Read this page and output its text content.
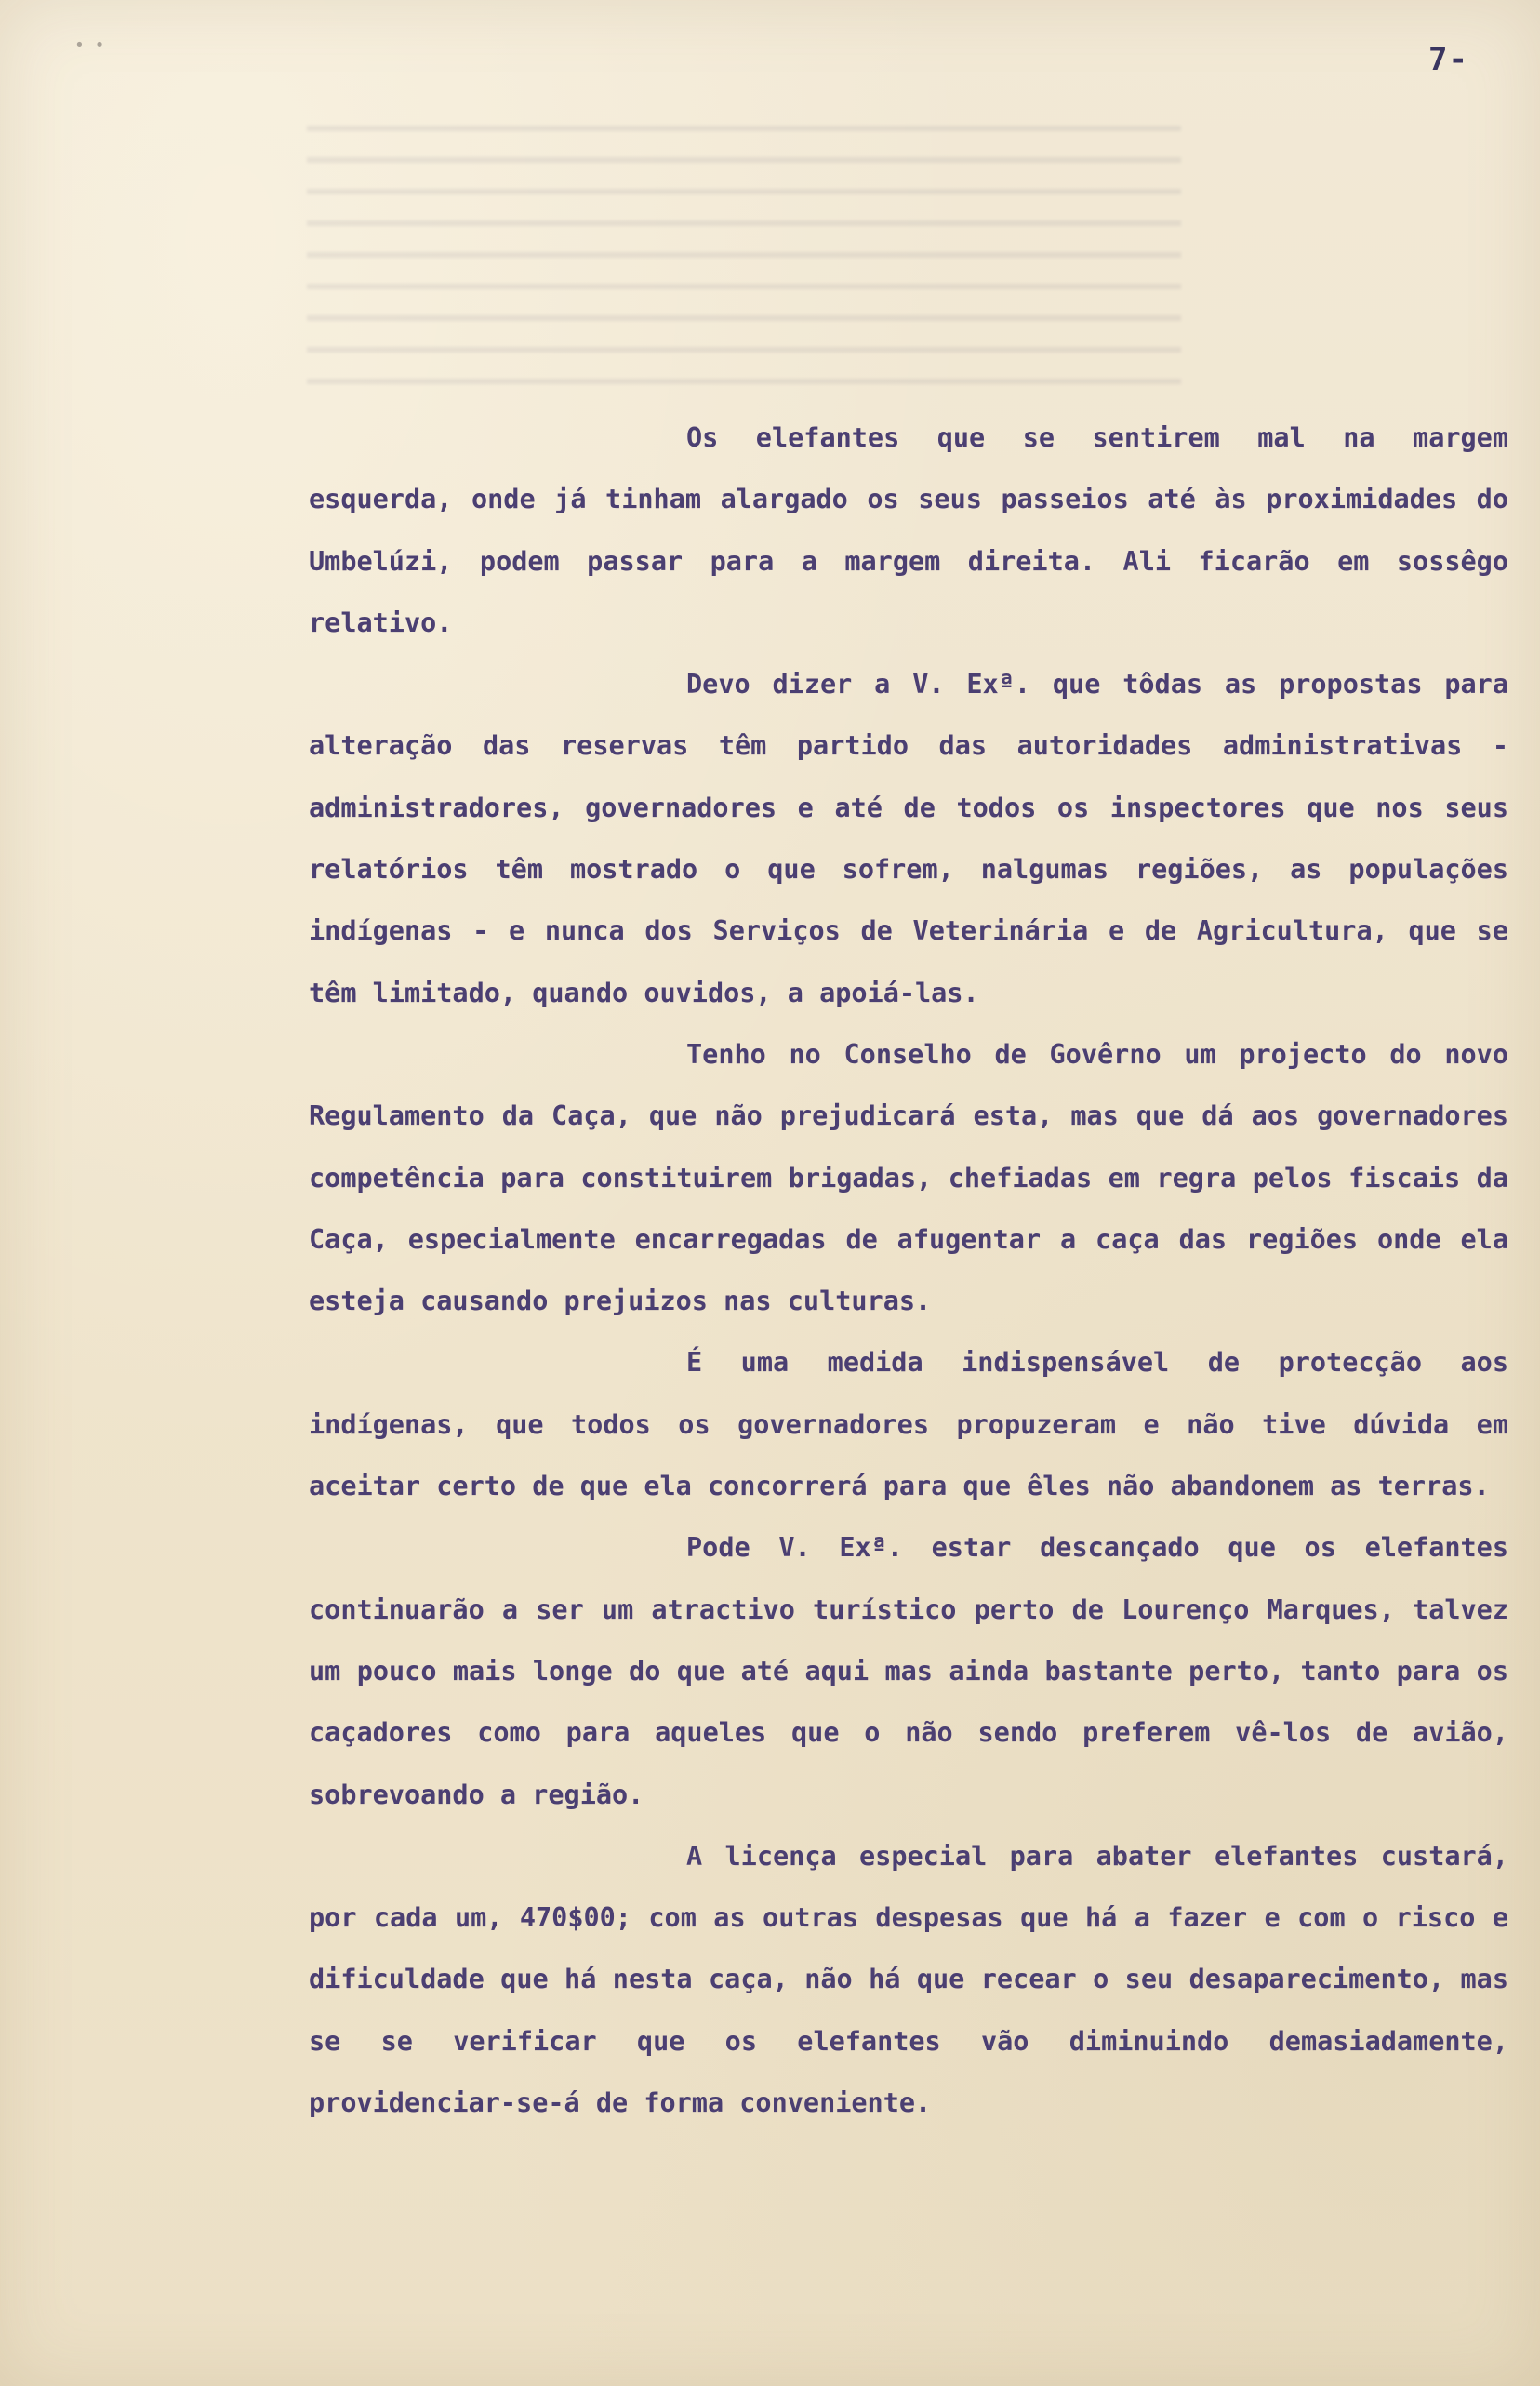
• •	7-

Os elefantes que se sentirem mal na margem esquerda, onde já tinham alargado os seus passeios até às proximidades do Umbelúzi, podem passar para a margem direita. Ali ficarão em sossêgo relativo.

Devo dizer a V. Exª. que tôdas as propostas para alteração das reservas têm partido das autoridades administrativas - administradores, governadores e até de todos os inspectores que nos seus relatórios têm mostrado o que sofrem, nalgumas regiões, as populações indígenas - e nunca dos Serviços de Veterinária e de Agricultura, que se têm limitado, quando ouvidos, a apoiá-las.

Tenho no Conselho de Govêrno um projecto do novo Regulamento da Caça, que não prejudicará esta, mas que dá aos governadores competência para constituirem brigadas, chefiadas em regra pelos fiscais da Caça, especialmente encarregadas de afugentar a caça das regiões onde ela esteja causando prejuizos nas culturas.

É uma medida indispensável de protecção aos indígenas, que todos os governadores propuzeram e não tive dúvida em aceitar certo de que ela concorrerá para que êles não abandonem as terras.

Pode V. Exª. estar descançado que os elefantes continuarão a ser um atractivo turístico perto de Lourenço Marques, talvez um pouco mais longe do que até aqui mas ainda bastante perto, tanto para os caçadores como para aqueles que o não sendo preferem vê-los de avião, sobrevoando a região.

A licença especial para abater elefantes custará, por cada um, 470$00; com as outras despesas que há a fazer e com o risco e dificuldade que há nesta caça, não há que recear o seu desaparecimento, mas se se verificar que os elefantes vão diminuindo demasiadamente, providenciar-se-á de forma conveniente.
